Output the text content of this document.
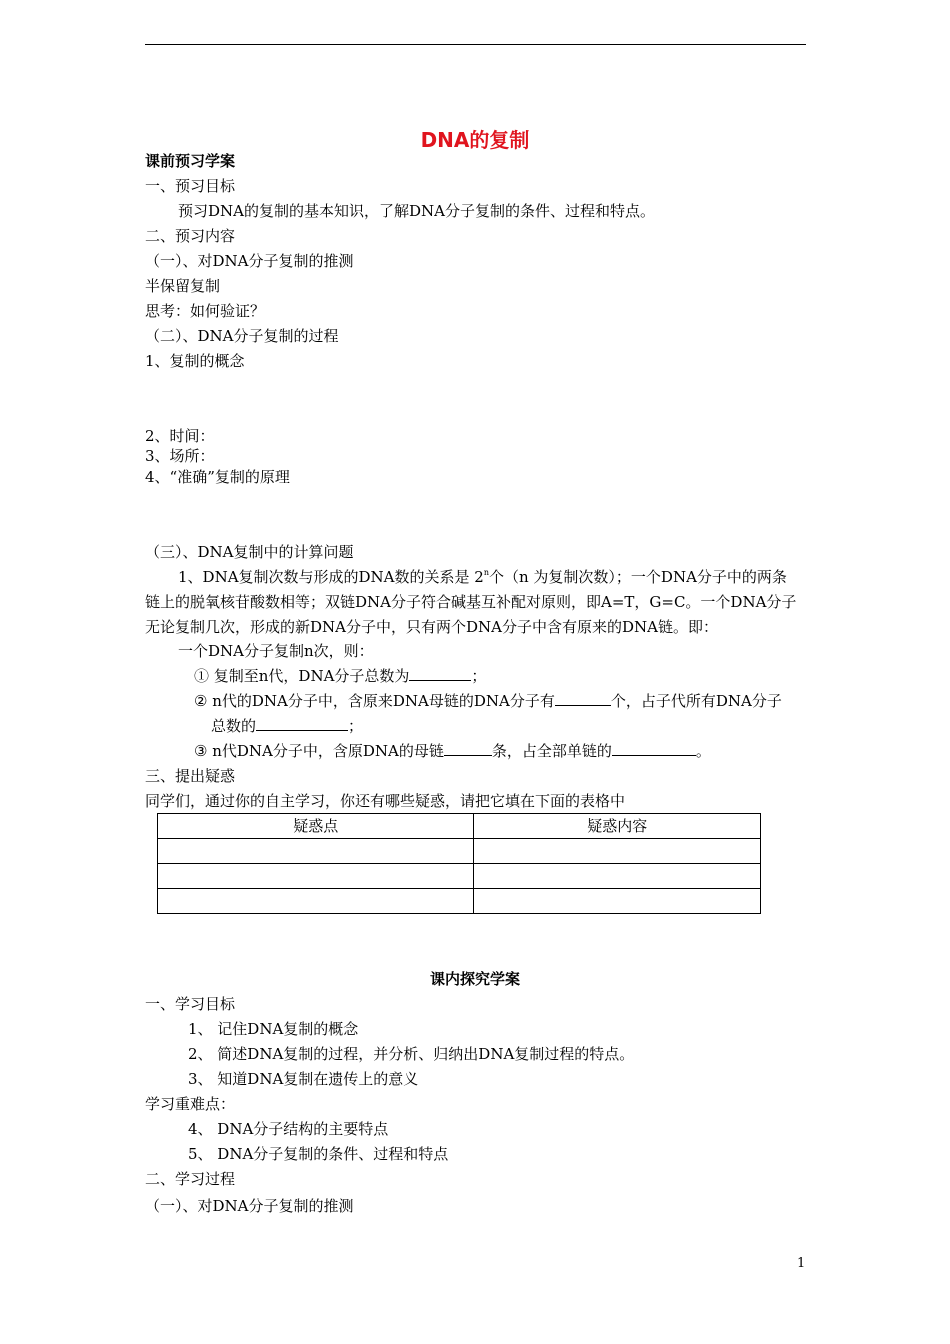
DNA的复制
课前预习学案
一、预习目标
预习DNA的复制的基本知识，了解DNA分子复制的条件、过程和特点。
二、预习内容
（一）、对DNA分子复制的推测
半保留复制
思考：如何验证？
（二）、DNA分子复制的过程
1、复制的概念
2、时间：
3、场所：
4、“准确”复制的原理
（三）、DNA复制中的计算问题
1、DNA复制次数与形成的DNA数的关系是 2$^n$个（n 为复制次数）；一个DNA分子中的两条
链上的脱氧核苷酸数相等；双链DNA分子符合碱基互补配对原则，即A=T，G=C。一个DNA分子
无论复制几次，形成的新DNA分子中，只有两个DNA分子中含有原来的DNA链。即：
一个DNA分子复制n次，则：
① 复制至n代，DNA分子总数为	；
② n代的DNA分子中，含原来DNA母链的DNA分子有	个，占子代所有DNA分子
总数的	；
③ n代DNA分子中，含原DNA的母链	条，占全部单链的	。
三、提出疑惑
同学们，通过你的自主学习，你还有哪些疑惑，请把它填在下面的表格中
疑惑点	疑惑内容

课内探究学案
一、学习目标
1、 记住DNA复制的概念
2、 简述DNA复制的过程，并分析、归纳出DNA复制过程的特点。
3、 知道DNA复制在遗传上的意义
学习重难点：
4、 DNA分子结构的主要特点
5、 DNA分子复制的条件、过程和特点
二、学习过程
（一）、对DNA分子复制的推测
1
